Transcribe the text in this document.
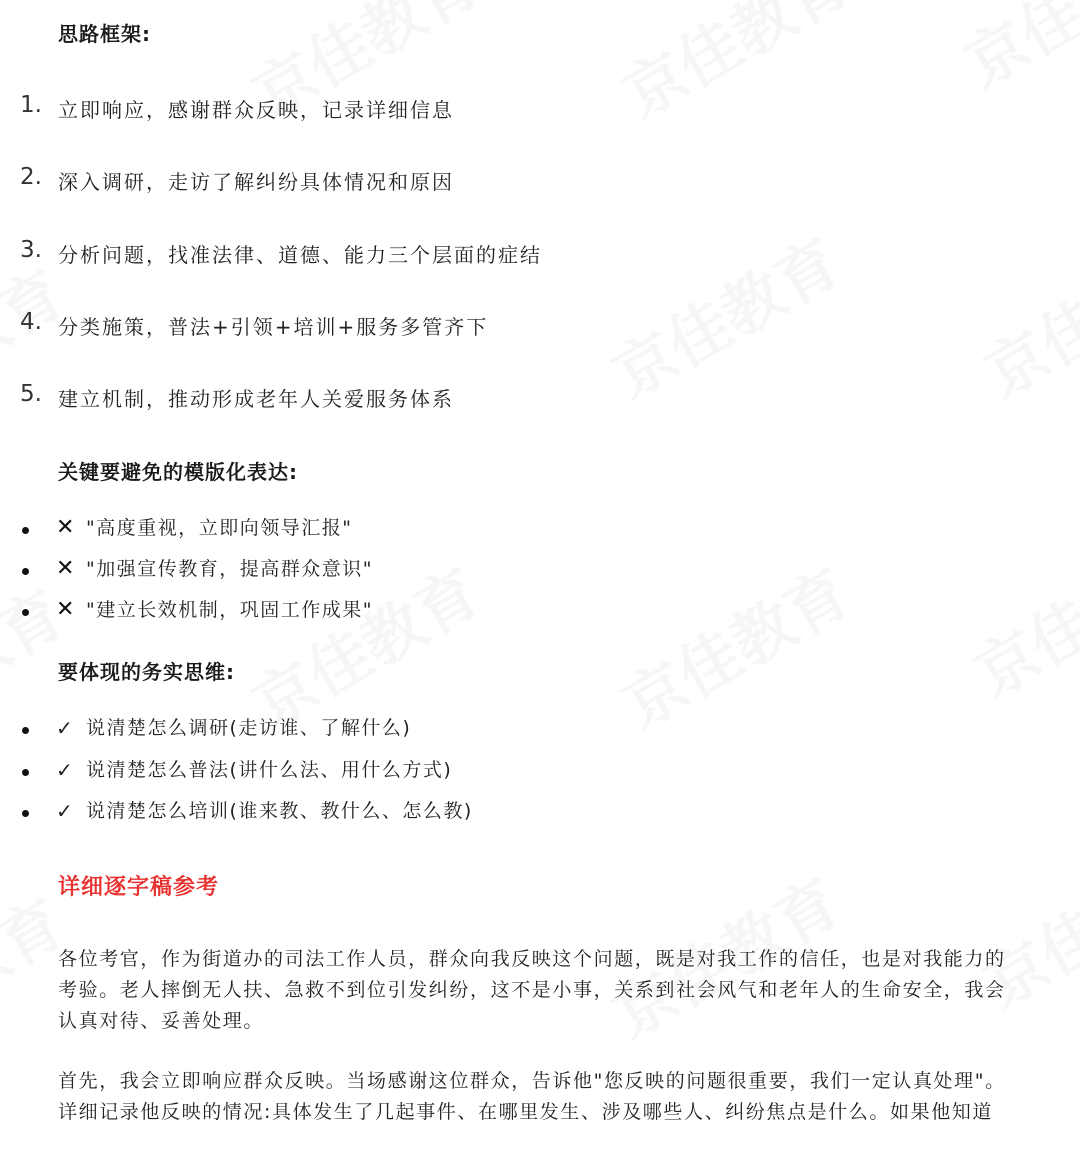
思路框架:
1. 立即响应，感谢群众反映，记录详细信息
2. 深入调研，走访了解纠纷具体情况和原因
3. 分析问题，找准法律、道德、能力三个层面的症结
4. 分类施策，普法+引领+培训+服务多管齐下
5. 建立机制，推动形成老年人关爱服务体系
关键要避免的模版化表达:
✕ "高度重视，立即向领导汇报"
✕ "加强宣传教育，提高群众意识"
✕ "建立长效机制，巩固工作成果"
要体现的务实思维:
✓ 说清楚怎么调研(走访谁、了解什么)
✓ 说清楚怎么普法(讲什么法、用什么方式)
✓ 说清楚怎么培训(谁来教、教什么、怎么教)
详细逐字稿参考

各位考官，作为街道办的司法工作人员，群众向我反映这个问题，既是对我工作的信任，也是对我能力的考验。老人摔倒无人扶、急救不到位引发纠纷，这不是小事，关系到社会风气和老年人的生命安全，我会认真对待、妥善处理。

首先，我会立即响应群众反映。当场感谢这位群众，告诉他"您反映的问题很重要，我们一定认真处理"。详细记录他反映的情况:具体发生了几起事件、在哪里发生、涉及哪些人、纠纷焦点是什么。如果他知道
